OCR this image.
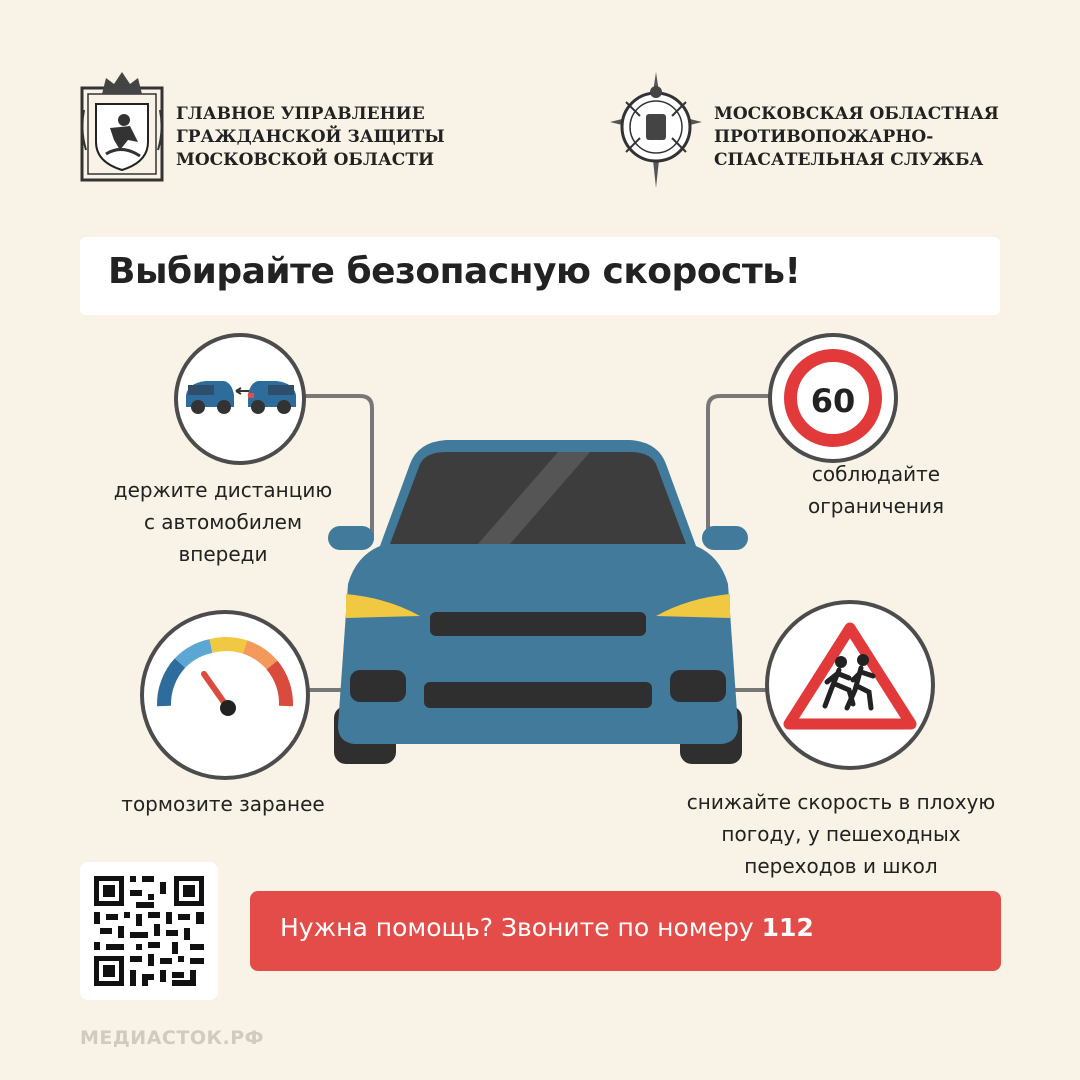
ГЛАВНОЕ УПРАВЛЕНИЕ
ГРАЖДАНСКОЙ ЗАЩИТЫ
МОСКОВСКОЙ ОБЛАСТИ
МОСКОВСКАЯ ОБЛАСТНАЯ
ПРОТИВОПОЖАРНО-
СПАСАТЕЛЬНАЯ СЛУЖБА
Выбирайте безопасную скорость!
держите дистанцию
с автомобилем
впереди
60
соблюдайте
ограничения
тормозите заранее	снижайте скорость в плохую
погоду, у пешеходных
переходов и школ
Нужна помощь? Звоните по номеру 112
МЕДИАСТОК.РФ
